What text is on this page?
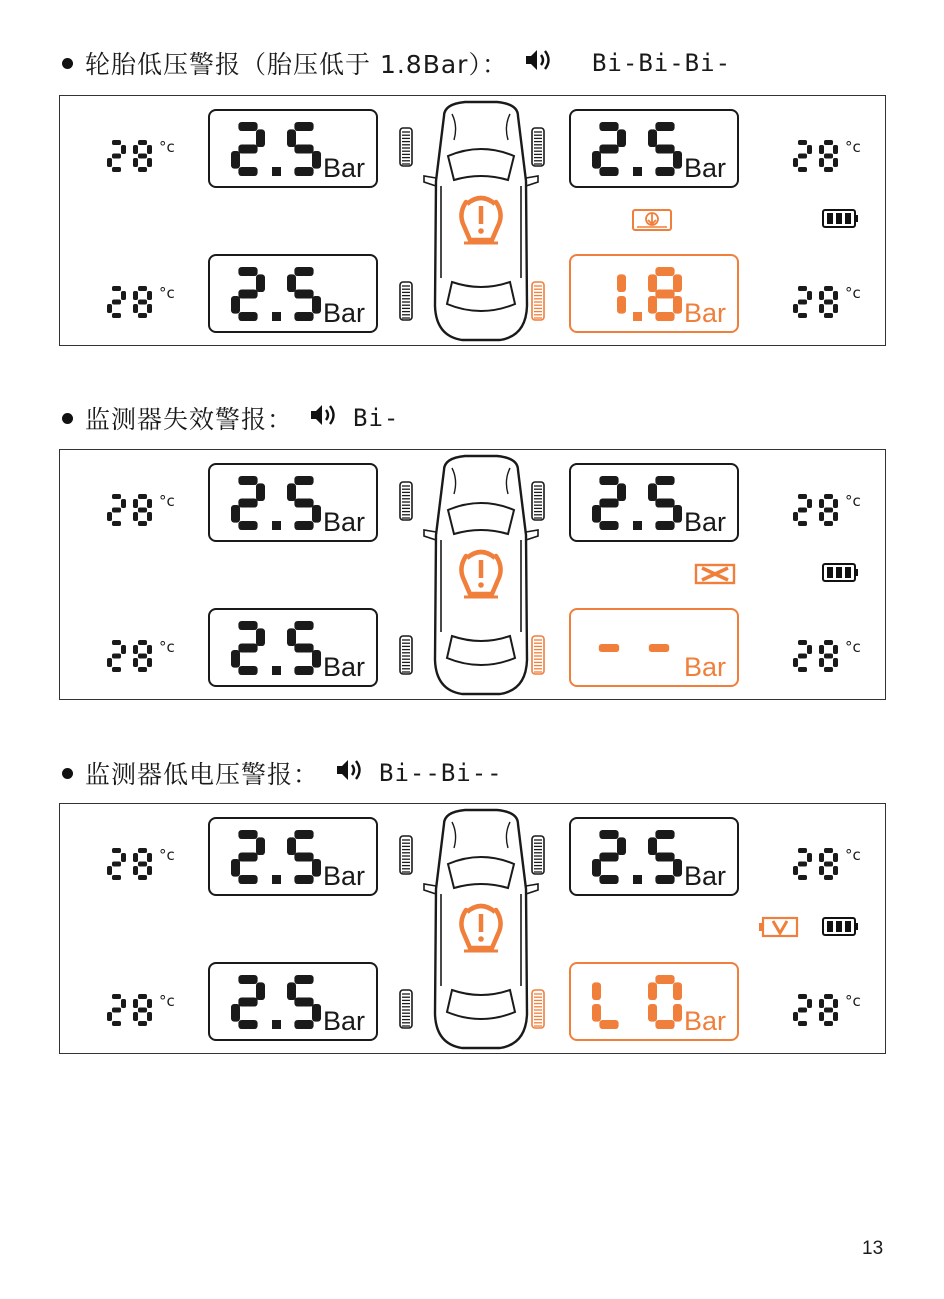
轮胎低压警报（胎压低于 1.8Bar）：	Bi-Bi-Bi-
Bar	Bar
Bar	Bar
°c
°c
°c
°c
监测器失效警报：	Bi-
Bar	Bar
Bar	Bar
°c
°c
°c
°c
监测器低电压警报：	Bi--Bi--
Bar	Bar
Bar	Bar
°c
°c
°c
°c
13
